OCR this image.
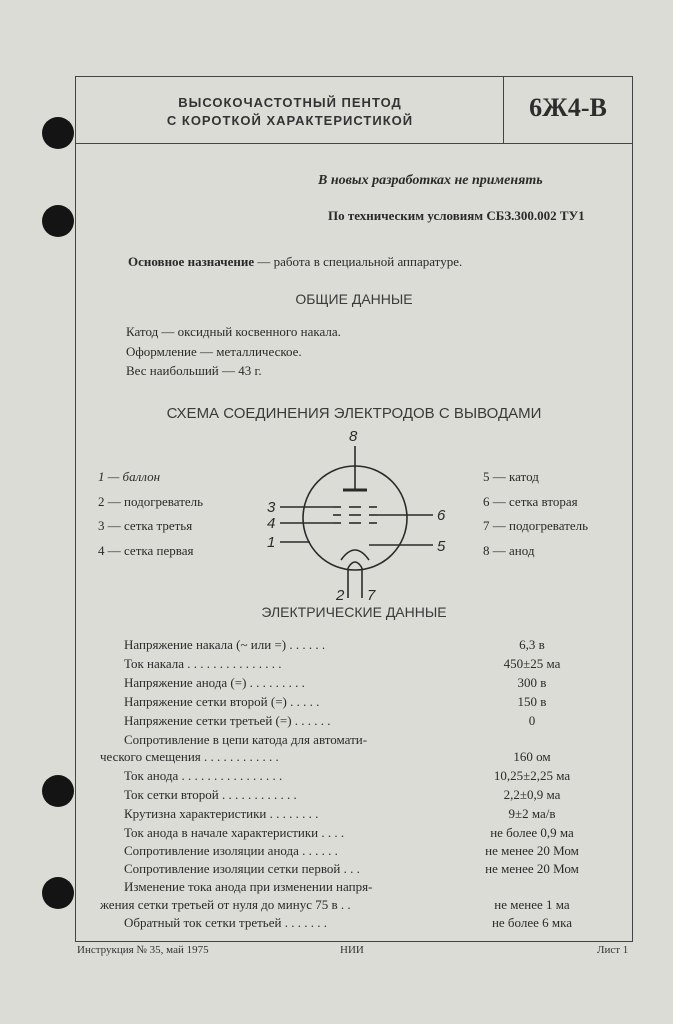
ВЫСОКОЧАСТОТНЫЙ ПЕНТОД
С КОРОТКОЙ ХАРАКТЕРИСТИКОЙ	6Ж4-В
В новых разработках не применять
По техническим условиям СБЗ.300.002 ТУ1
Основное назначение — работа в специальной аппаратуре.
ОБЩИЕ ДАННЫЕ
Катод — оксидный косвенного накала.
Оформление — металлическое.
Вес наибольший — 43 г.
СХЕМА СОЕДИНЕНИЯ ЭЛЕКТРОДОВ С ВЫВОДАМИ
ЭЛЕКТРИЧЕСКИЕ ДАННЫЕ
Напряжение накала (~ или =) . . . . . .	6,3 в
Ток накала . . . . . . . . . . . . . . .	450±25 ма
Напряжение анода (=) . . . . . . . . .	300 в
Напряжение сетки второй (=) . . . . .	150 в
Напряжение сетки третьей (=) . . . . . .	0
Сопротивление в цепи катода для автомати-
ческого смещения . . . . . . . . . . . .	160 ом
Ток анода . . . . . . . . . . . . . . . .	10,25±2,25 ма
Ток сетки второй . . . . . . . . . . . .	2,2±0,9 ма
Крутизна характеристики . . . . . . . .	9±2 ма/в
Ток анода в начале характеристики . . . .	не более 0,9 ма
Сопротивление изоляции анода . . . . . .	не менее 20 Мом
Сопротивление изоляции сетки первой . . .	не менее 20 Мом
Изменение тока анода при изменении напря-
жения сетки третьей от нуля до минус 75 в . .	не менее 1 ма
Обратный ток сетки третьей . . . . . . .	не более 6 мка
1 — баллон
2 — подогреватель
3 — сетка третья
4 — сетка первая
5 — катод
6 — сетка вторая
7 — подогреватель
8 — анод
8
3
4
1
6
5
2 7
Инструкция № 35, май 1975	НИИ	Лист 1
